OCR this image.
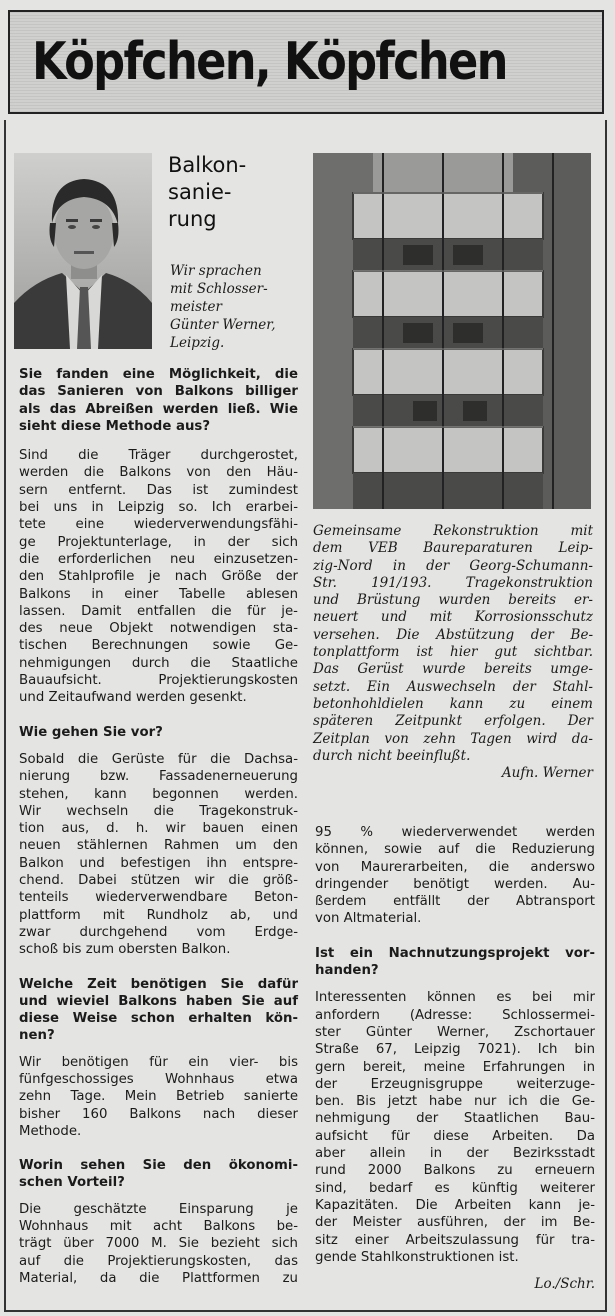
Köpfchen, Köpfchen
Balkon-
sanie-
rung
Wir sprachen
mit Schlosser-
meister
Günter Werner,
Leipzig.
Sie fanden eine Möglichkeit, die
das Sanieren von Balkons billiger
als das Abreißen werden ließ. Wie
sieht diese Methode aus?
Sind die Träger durchgerostet,
werden die Balkons von den Häu-
sern entfernt. Das ist zumindest
bei uns in Leipzig so. Ich erarbei-
tete eine wiederverwendungsfähi-
ge Projektunterlage, in der sich
die erforderlichen neu einzusetzen-
den Stahlprofile je nach Größe der
Balkons in einer Tabelle ablesen
lassen. Damit entfallen die für je-
des neue Objekt notwendigen sta-
tischen Berechnungen sowie Ge-
nehmigungen durch die Staatliche
Bauaufsicht. Projektierungskosten
und Zeitaufwand werden gesenkt.
Wie gehen Sie vor?
Sobald die Gerüste für die Dachsa-
nierung bzw. Fassadenerneuerung
stehen, kann begonnen werden.
Wir wechseln die Tragekonstruk-
tion aus, d. h. wir bauen einen
neuen stählernen Rahmen um den
Balkon und befestigen ihn entspre-
chend. Dabei stützen wir die größ-
tenteils wiederverwendbare Beton-
plattform mit Rundholz ab, und
zwar durchgehend vom Erdge-
schoß bis zum obersten Balkon.
Welche Zeit benötigen Sie dafür
und wieviel Balkons haben Sie auf
diese Weise schon erhalten kön-
nen?
Wir benötigen für ein vier- bis
fünfgeschossiges Wohnhaus etwa
zehn Tage. Mein Betrieb sanierte
bisher 160 Balkons nach dieser
Methode.
Worin sehen Sie den ökonomi-
schen Vorteil?
Die geschätzte Einsparung je
Wohnhaus mit acht Balkons be-
trägt über 7000 M. Sie bezieht sich
auf die Projektierungskosten, das
Material, da die Plattformen zu
Gemeinsame Rekonstruktion mit
dem VEB Baureparaturen Leip-
zig-Nord in der Georg-Schumann-
Str. 191/193. Tragekonstruktion
und Brüstung wurden bereits er-
neuert und mit Korrosionsschutz
versehen. Die Abstützung der Be-
tonplattform ist hier gut sichtbar.
Das Gerüst wurde bereits umge-
setzt. Ein Auswechseln der Stahl-
betonhohldielen kann zu einem
späteren Zeitpunkt erfolgen. Der
Zeitplan von zehn Tagen wird da-
durch nicht beeinflußt.
Aufn. Werner
95 % wiederverwendet werden
können, sowie auf die Reduzierung
von Maurerarbeiten, die anderswo
dringender benötigt werden. Au-
ßerdem entfällt der Abtransport
von Altmaterial.
Ist ein Nachnutzungsprojekt vor-
handen?
Interessenten können es bei mir
anfordern (Adresse: Schlossermei-
ster Günter Werner, Zschortauer
Straße 67, Leipzig 7021). Ich bin
gern bereit, meine Erfahrungen in
der Erzeugnisgruppe weiterzuge-
ben. Bis jetzt habe nur ich die Ge-
nehmigung der Staatlichen Bau-
aufsicht für diese Arbeiten. Da
aber allein in der Bezirksstadt
rund 2000 Balkons zu erneuern
sind, bedarf es künftig weiterer
Kapazitäten. Die Arbeiten kann je-
der Meister ausführen, der im Be-
sitz einer Arbeitszulassung für tra-
gende Stahlkonstruktionen ist.
Lo./Schr.
